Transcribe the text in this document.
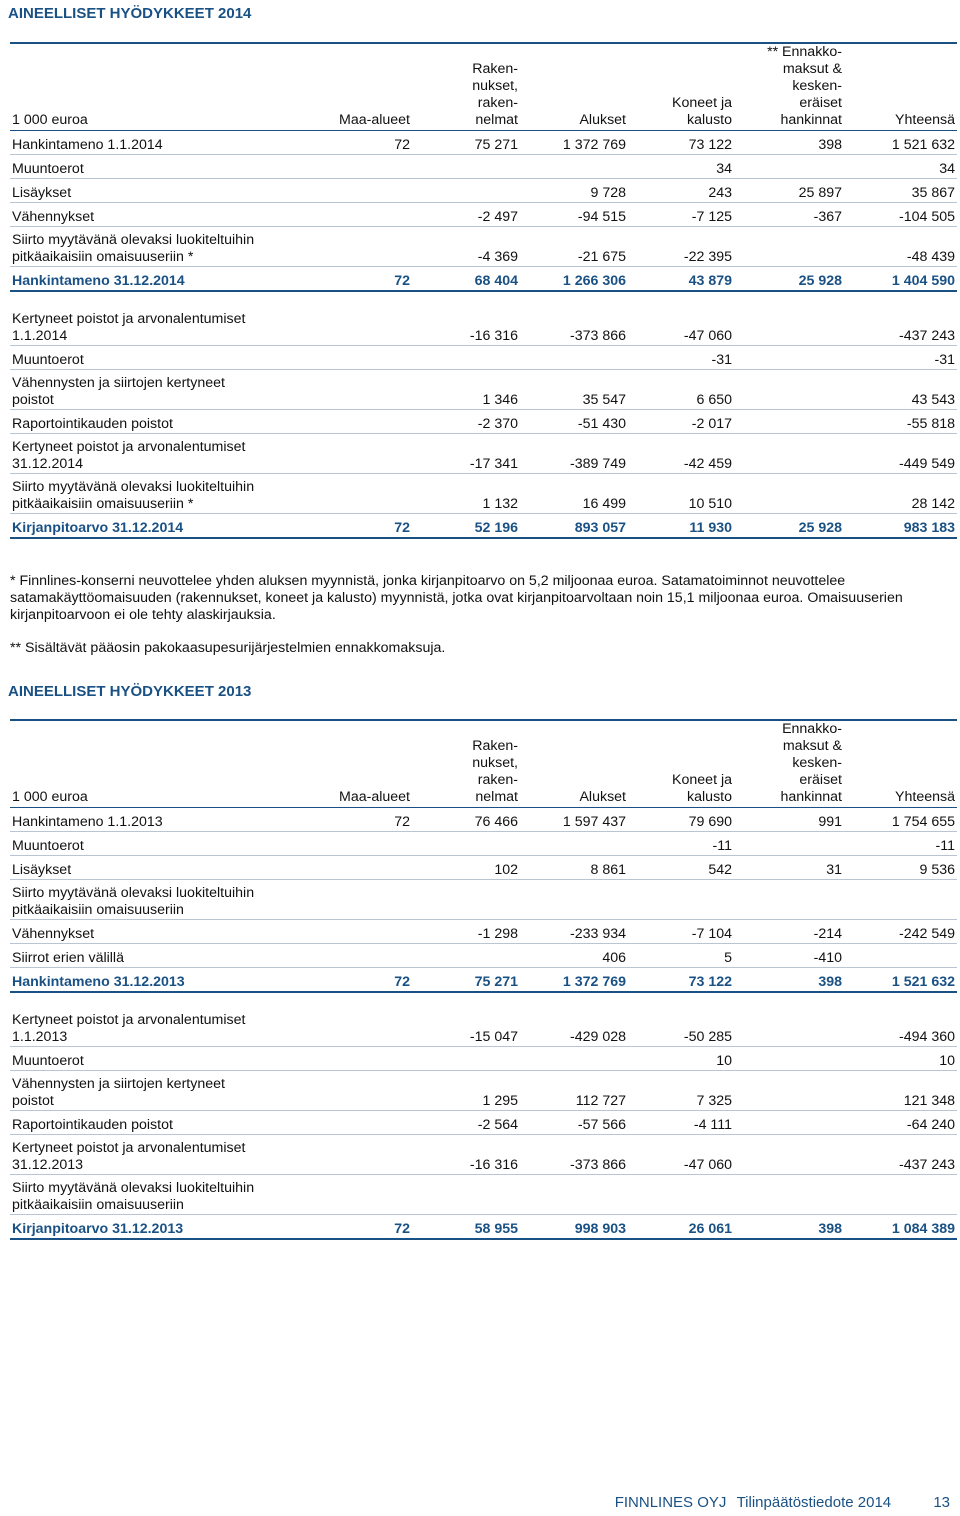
AINEELLISET HYÖDYKKEET 2014
1 000 euroa	Maa-alueet	Raken-
nukset,
raken-
nelmat	Alukset	Koneet ja
kalusto	** Ennakko-
maksut &
kesken-
eräiset
hankinnat	Yhteensä
Hankintameno 1.1.2014	72	75 271	1 372 769	73 122	398	1 521 632
Muuntoerot				34		34
Lisäykset			9 728	243	25 897	35 867
Vähennykset		-2 497	-94 515	-7 125	-367	-104 505
Siirto myytävänä olevaksi luokiteltuihin
pitkäaikaisiin omaisuuseriin *		-4 369	-21 675	-22 395		-48 439
Hankintameno 31.12.2014	72	68 404	1 266 306	43 879	25 928	1 404 590

Kertyneet poistot ja arvonalentumiset
1.1.2014		-16 316	-373 866	-47 060		-437 243
Muuntoerot				-31		-31
Vähennysten ja siirtojen kertyneet
poistot		1 346	35 547	6 650		43 543
Raportointikauden poistot		-2 370	-51 430	-2 017		-55 818
Kertyneet poistot ja arvonalentumiset
31.12.2014		-17 341	-389 749	-42 459		-449 549
Siirto myytävänä olevaksi luokiteltuihin
pitkäaikaisiin omaisuuseriin *		1 132	16 499	10 510		28 142
Kirjanpitoarvo 31.12.2014	72	52 196	893 057	11 930	25 928	983 183
* Finnlines-konserni neuvottelee yhden aluksen myynnistä, jonka kirjanpitoarvo on 5,2 miljoonaa euroa. Satamatoiminnot neuvottelee satamakäyttöomaisuuden (rakennukset, koneet ja kalusto) myynnistä, jotka ovat kirjanpitoarvoltaan noin 15,1 miljoonaa euroa. Omaisuuserien kirjanpitoarvoon ei ole tehty alaskirjauksia.
** Sisältävät pääosin pakokaasupesurijärjestelmien ennakkomaksuja.
AINEELLISET HYÖDYKKEET 2013
1 000 euroa	Maa-alueet	Raken-
nukset,
raken-
nelmat	Alukset	Koneet ja
kalusto	Ennakko-
maksut &
kesken-
eräiset
hankinnat	Yhteensä
Hankintameno 1.1.2013	72	76 466	1 597 437	79 690	991	1 754 655
Muuntoerot				-11		-11
Lisäykset		102	8 861	542	31	9 536
Siirto myytävänä olevaksi luokiteltuihin
pitkäaikaisiin omaisuuseriin						
Vähennykset		-1 298	-233 934	-7 104	-214	-242 549
Siirrot erien välillä			406	5	-410	
Hankintameno 31.12.2013	72	75 271	1 372 769	73 122	398	1 521 632

Kertyneet poistot ja arvonalentumiset
1.1.2013		-15 047	-429 028	-50 285		-494 360
Muuntoerot				10		10
Vähennysten ja siirtojen kertyneet
poistot		1 295	112 727	7 325		121 348
Raportointikauden poistot		-2 564	-57 566	-4 111		-64 240
Kertyneet poistot ja arvonalentumiset
31.12.2013		-16 316	-373 866	-47 060		-437 243
Siirto myytävänä olevaksi luokiteltuihin
pitkäaikaisiin omaisuuseriin						
Kirjanpitoarvo 31.12.2013	72	58 955	998 903	26 061	398	1 084 389
FINNLINES OYJ Tilinpäätöstiedote 2014	13
